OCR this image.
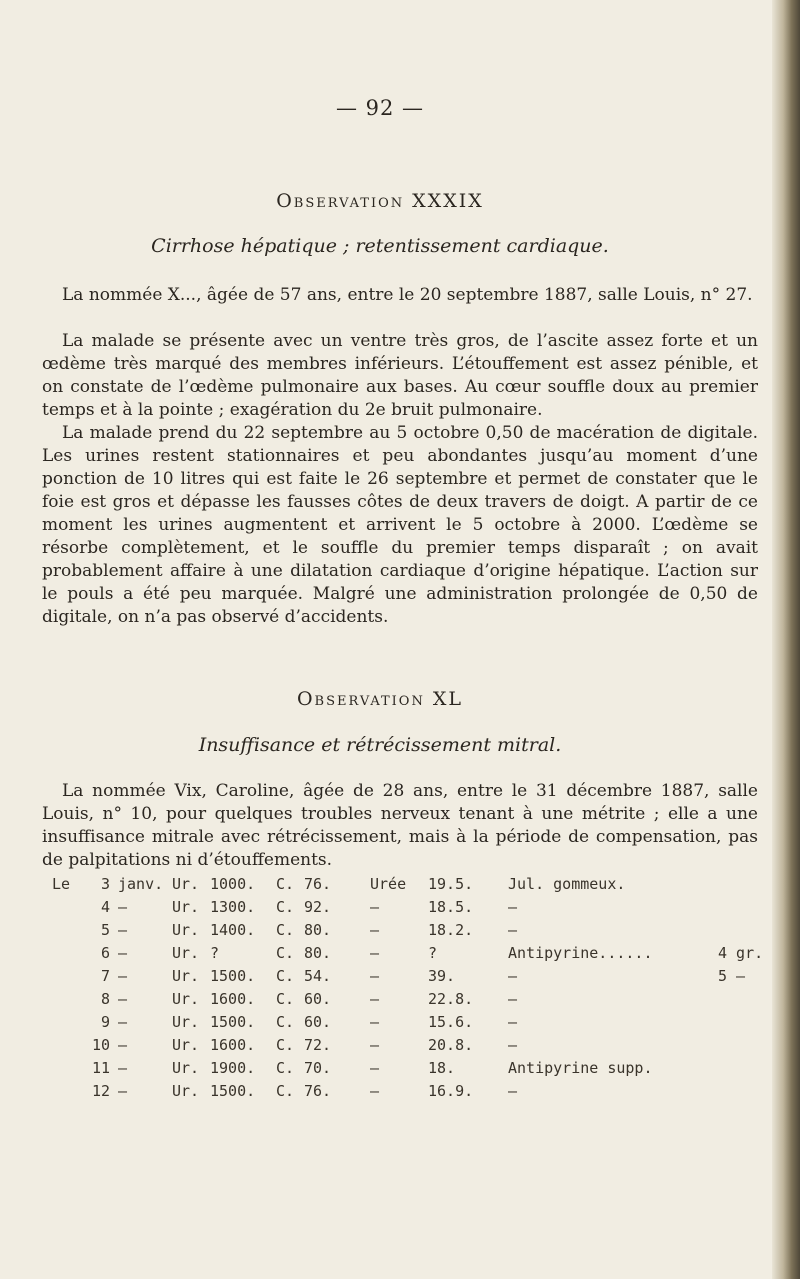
— 92 —
Observation XXXIX
Cirrhose hépatique ; retentissement cardiaque.

La nommée X..., âgée de 57 ans, entre le 20 septembre 1887, salle Louis, n° 27.

La malade se présente avec un ventre très gros, de l’ascite assez forte et un œdème très marqué des membres inférieurs. L’étouffement est assez pénible, et on constate de l’œdème pulmonaire aux bases. Au cœur souffle doux au premier temps et à la pointe ; exagération du 2e bruit pulmonaire.

La malade prend du 22 septembre au 5 octobre 0,50 de macération de digitale. Les urines restent stationnaires et peu abondantes jusqu’au moment d’une ponction de 10 litres qui est faite le 26 septembre et permet de constater que le foie est gros et dépasse les fausses côtes de deux travers de doigt. A partir de ce moment les urines augmentent et arrivent le 5 octobre à 2000. L’œdème se résorbe complètement, et le souffle du premier temps disparaît ; on avait probablement affaire à une dilatation cardiaque d’origine hépatique. L’action sur le pouls a été peu marquée. Malgré une administration prolongée de 0,50 de digitale, on n’a pas observé d’accidents.

Observation XL
Insuffisance et rétrécissement mitral.

La nommée Vix, Caroline, âgée de 28 ans, entre le 31 décembre 1887, salle Louis, n° 10, pour quelques troubles nerveux tenant à une métrite ; elle a une insuffisance mitrale avec rétrécissement, mais à la période de compensation, pas de palpitations ni d’étouffements.

Le	3	janv.	Ur.	1000.	C.	76.	Urée	19.5.	Jul. gommeux.	
	4	—	Ur.	1300.	C.	92.	—	18.5.	—	
	5	—	Ur.	1400.	C.	80.	—	18.2.	—	
	6	—	Ur.	?	C.	80.	—	?	Antipyrine......	4 gr.
	7	—	Ur.	1500.	C.	54.	—	39.	—	5 —
	8	—	Ur.	1600.	C.	60.	—	22.8.	—	
	9	—	Ur.	1500.	C.	60.	—	15.6.	—	
	10	—	Ur.	1600.	C.	72.	—	20.8.	—	
	11	—	Ur.	1900.	C.	70.	—	18.	Antipyrine supp.	
	12	—	Ur.	1500.	C.	76.	—	16.9.	—	
